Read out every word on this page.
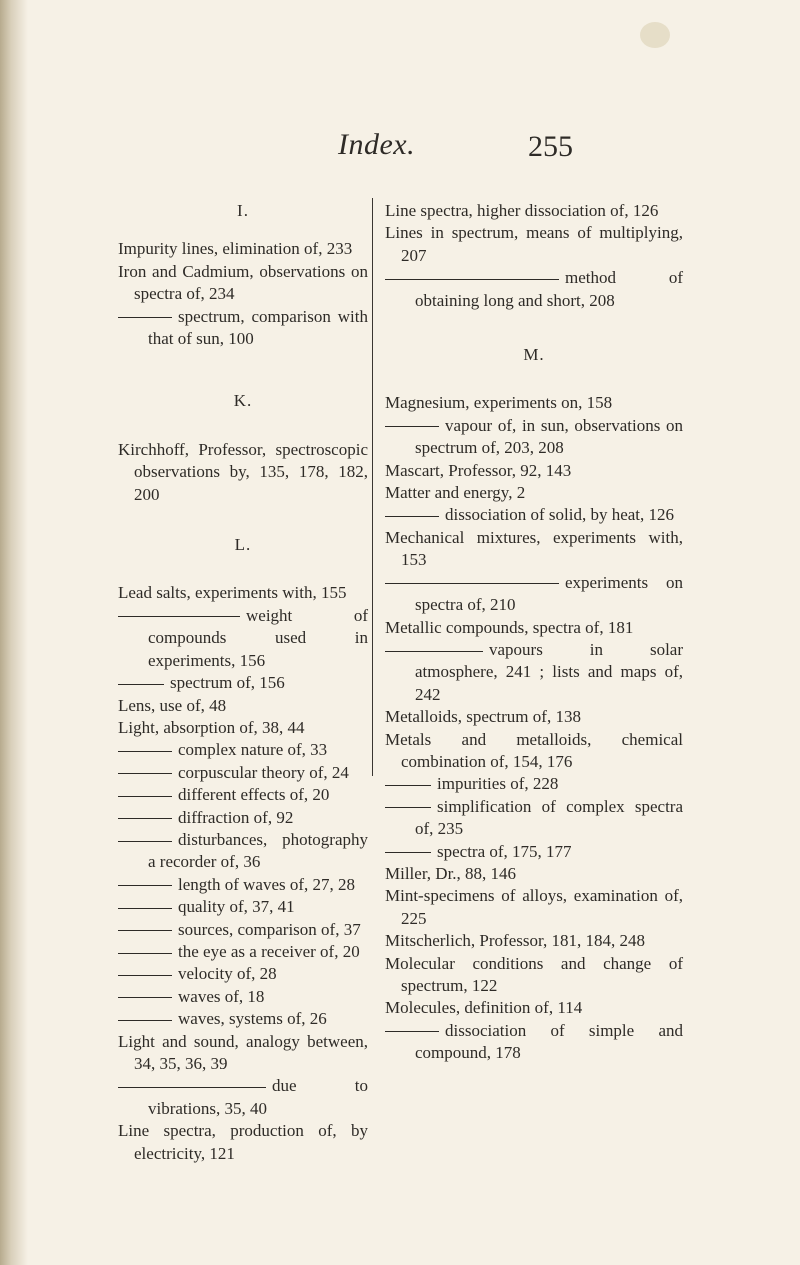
Index.	255
I.
Impurity lines, elimination of, 233
Iron and Cadmium, observations on spectra of, 234
spectrum, comparison with that of sun, 100
K.
Kirchhoff, Professor, spectroscopic observations by, 135, 178, 182, 200
L.
Lead salts, experiments with, 155
weight of compounds used in experiments, 156
spectrum of, 156
Lens, use of, 48
Light, absorption of, 38, 44
complex nature of, 33
corpuscular theory of, 24
different effects of, 20
diffraction of, 92
disturbances, photography a recorder of, 36
length of waves of, 27, 28
quality of, 37, 41
sources, comparison of, 37
the eye as a receiver of, 20
velocity of, 28
waves of, 18
waves, systems of, 26
Light and sound, analogy between, 34, 35, 36, 39
due to vibrations, 35, 40
Line spectra, production of, by electricity, 121
Line spectra, higher dissociation of, 126
Lines in spectrum, means of multiplying, 207
method of obtaining long and short, 208
M.
Magnesium, experiments on, 158
vapour of, in sun, observations on spectrum of, 203, 208
Mascart, Professor, 92, 143
Matter and energy, 2
dissociation of solid, by heat, 126
Mechanical mixtures, experiments with, 153
experiments on spectra of, 210
Metallic compounds, spectra of, 181
vapours in solar atmosphere, 241 ; lists and maps of, 242
Metalloids, spectrum of, 138
Metals and metalloids, chemical combination of, 154, 176
impurities of, 228
simplification of complex spectra of, 235
spectra of, 175, 177
Miller, Dr., 88, 146
Mint-specimens of alloys, examination of, 225
Mitscherlich, Professor, 181, 184, 248
Molecular conditions and change of spectrum, 122
Molecules, definition of, 114
dissociation of simple and compound, 178
